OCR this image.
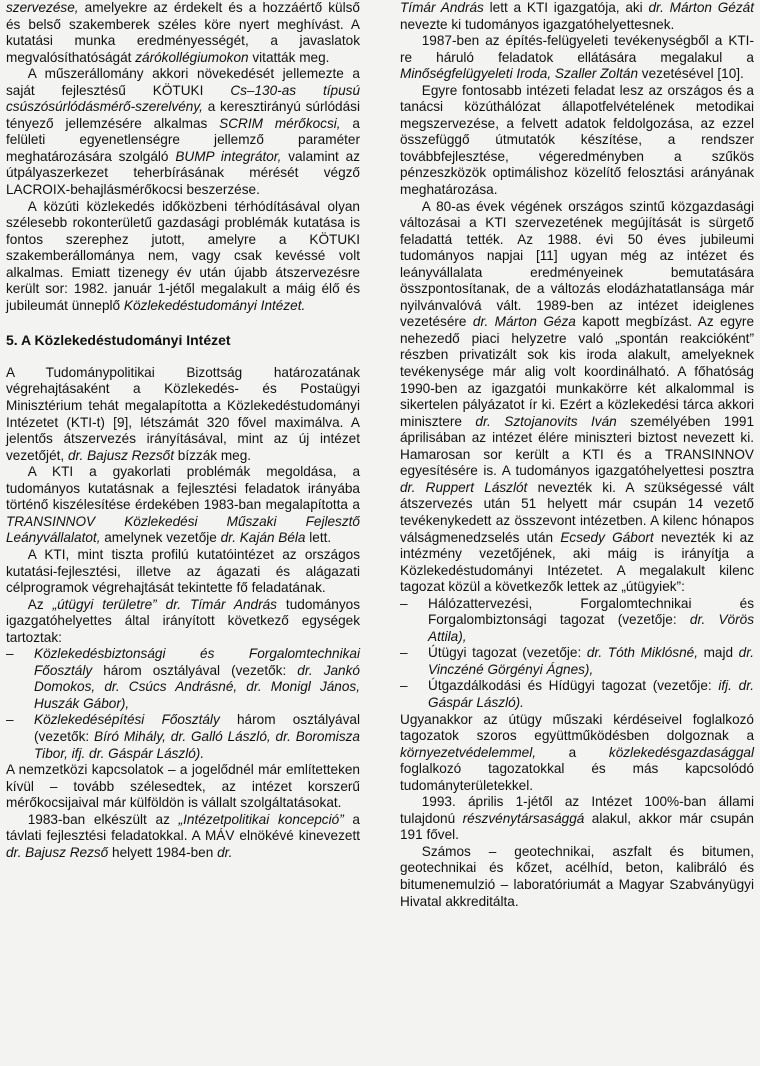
szervezése, amelyekre az érdekelt és a hozzáértő külső és belső szakemberek széles köre nyert meghívást. A kutatási munka eredményességét, a javaslatok megvalósíthatóságát zárókollégiumokon vitatták meg.

A műszerállomány akkori növekedését jellemezte a saját fejlesztésű KÖTUKI Cs–130-as típusú csúszósúrlódásmérő-szerelvény, a keresztirányú súrlódási tényező jellemzésére alkalmas SCRIM mérőkocsi, a felületi egyenetlenségre jellemző paraméter meghatározására szolgáló BUMP integrátor, valamint az útpályaszerkezet teherbírásának mérését végző LACROIX-behajlásmérőkocsi beszerzése.

A közúti közlekedés időközbeni térhódításával olyan szélesebb rokonterületű gazdasági problémák kutatása is fontos szerephez jutott, amelyre a KÖTUKI szakemberállománya nem, vagy csak kevéssé volt alkalmas. Emiatt tizenegy év után újabb átszervezésre került sor: 1982. január 1-jétől megalakult a máig élő és jubileumát ünneplő Közlekedéstudományi Intézet.

5. A Közlekedéstudományi Intézet

A Tudománypolitikai Bizottság határozatának végrehajtásaként a Közlekedés- és Postaügyi Minisztérium tehát megalapította a Közlekedéstudományi Intézetet (KTI-t) [9], létszámát 320 fővel maximálva. A jelentős átszervezés irányításával, mint az új intézet vezetőjét, dr. Bajusz Rezsőt bízzák meg.

A KTI a gyakorlati problémák megoldása, a tudományos kutatásnak a fejlesztési feladatok irányába történő kiszélesítése érdekében 1983-ban megalapította a TRANSINNOV Közlekedési Műszaki Fejlesztő Leányvállalatot, amelynek vezetője dr. Kaján Béla lett.

A KTI, mint tiszta profilú kutatóintézet az országos kutatási-fejlesztési, illetve az ágazati és alágazati célprogramok végrehajtását tekintette fő feladatának.

Az „útügyi területre” dr. Tímár András tudományos igazgatóhelyettes által irányított következő egységek tartoztak:

– Közlekedésbiztonsági és Forgalomtechnikai Főosztály három osztályával (vezetők: dr. Jankó Domokos, dr. Csúcs Andrásné, dr. Monigl János, Huszák Gábor),
– Közlekedésépítési Főosztály három osztályával (vezetők: Bíró Mihály, dr. Galló László, dr. Boromisza Tibor, ifj. dr. Gáspár László).

A nemzetközi kapcsolatok – a jogelődnél már említetteken kívül – tovább szélesedtek, az intézet korszerű mérőkocsijaival már külföldön is vállalt szolgáltatásokat.

1983-ban elkészült az „Intézetpolitikai koncepció” a távlati fejlesztési feladatokkal. A MÁV elnökévé kinevezett dr. Bajusz Rezső helyett 1984-ben dr.

Tímár András lett a KTI igazgatója, aki dr. Márton Gézát nevezte ki tudományos igazgatóhelyettesnek.

1987-ben az építés-felügyeleti tevékenységből a KTI-re háruló feladatok ellátására megalakul a Minőségfelügyeleti Iroda, Szaller Zoltán vezetésével [10].

Egyre fontosabb intézeti feladat lesz az országos és a tanácsi közúthálózat állapotfelvételének metodikai megszervezése, a felvett adatok feldolgozása, az ezzel összefüggő útmutatók készítése, a rendszer továbbfejlesztése, végeredményben a szűkös pénzeszközök optimálishoz közelítő felosztási arányának meghatározása.

A 80-as évek végének országos szintű közgazdasági változásai a KTI szervezetének megújítását is sürgető feladattá tették. Az 1988. évi 50 éves jubileumi tudományos napjai [11] ugyan még az intézet és leányvállalata eredményeinek bemutatására összpontosítanak, de a változás elodázhatatlansága már nyilvánvalóvá vált. 1989-ben az intézet ideiglenes vezetésére dr. Márton Géza kapott megbízást. Az egyre nehezedő piaci helyzetre való „spontán reakcióként” részben privatizált sok kis iroda alakult, amelyeknek tevékenysége már alig volt koordinálható. A főhatóság 1990-ben az igazgatói munkakörre két alkalommal is sikertelen pályázatot ír ki. Ezért a közlekedési tárca akkori minisztere dr. Sztojanovits Iván személyében 1991 áprilisában az intézet élére miniszteri biztost nevezett ki. Hamarosan sor került a KTI és a TRANSINNOV egyesítésére is. A tudományos igazgatóhelyettesi posztra dr. Ruppert Lászlót nevezték ki. A szükségessé vált átszervezés után 51 helyett már csupán 14 vezető tevékenykedett az összevont intézetben. A kilenc hónapos válságmenedzselés után Ecsedy Gábort nevezték ki az intézmény vezetőjének, aki máig is irányítja a Közlekedéstudományi Intézetet. A megalakult kilenc tagozat közül a következők lettek az „útügyiek”:

– Hálózattervezési, Forgalomtechnikai és Forgalombiztonsági tagozat (vezetője: dr. Vörös Attila),
– Útügyi tagozat (vezetője: dr. Tóth Miklósné, majd dr. Vinczéné Görgényi Ágnes),
– Útgazdálkodási és Hídügyi tagozat (vezetője: ifj. dr. Gáspár László).

Ugyanakkor az útügy műszaki kérdéseivel foglalkozó tagozatok szoros együttműködésben dolgoznak a környezetvédelemmel, a közlekedésgazdasággal foglalkozó tagozatokkal és más kapcsolódó tudományterületekkel.

1993. április 1-jétől az Intézet 100%-ban állami tulajdonú részvénytársasággá alakul, akkor már csupán 191 fővel.

Számos – geotechnikai, aszfalt és bitumen, geotechnikai és kőzet, acélhíd, beton, kalibráló és bitumenemulzió – laboratóriumát a Magyar Szabványügyi Hivatal akkreditálta.
